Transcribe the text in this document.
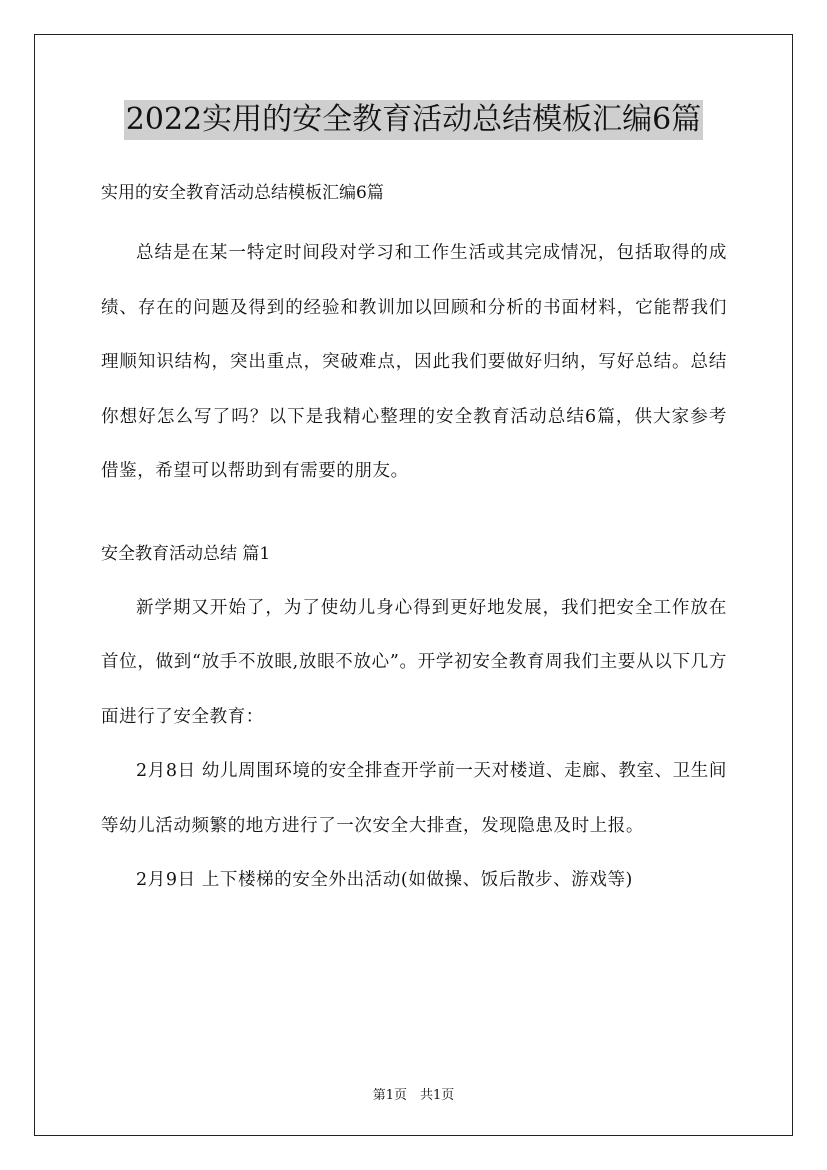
2022实用的安全教育活动总结模板汇编6篇
实用的安全教育活动总结模板汇编6篇

总结是在某一特定时间段对学习和工作生活或其完成情况，包括取得的成绩、存在的问题及得到的经验和教训加以回顾和分析的书面材料，它能帮我们理顺知识结构，突出重点，突破难点，因此我们要做好归纳，写好总结。总结你想好怎么写了吗？以下是我精心整理的安全教育活动总结6篇，供大家参考借鉴，希望可以帮助到有需要的朋友。

安全教育活动总结 篇1

新学期又开始了，为了使幼儿身心得到更好地发展，我们把安全工作放在首位，做到“放手不放眼,放眼不放心”。开学初安全教育周我们主要从以下几方面进行了安全教育：

2月8日 幼儿周围环境的安全排查开学前一天对楼道、走廊、教室、卫生间等幼儿活动频繁的地方进行了一次安全大排查，发现隐患及时上报。

2月9日 上下楼梯的安全外出活动(如做操、饭后散步、游戏等)

第1页　共1页
